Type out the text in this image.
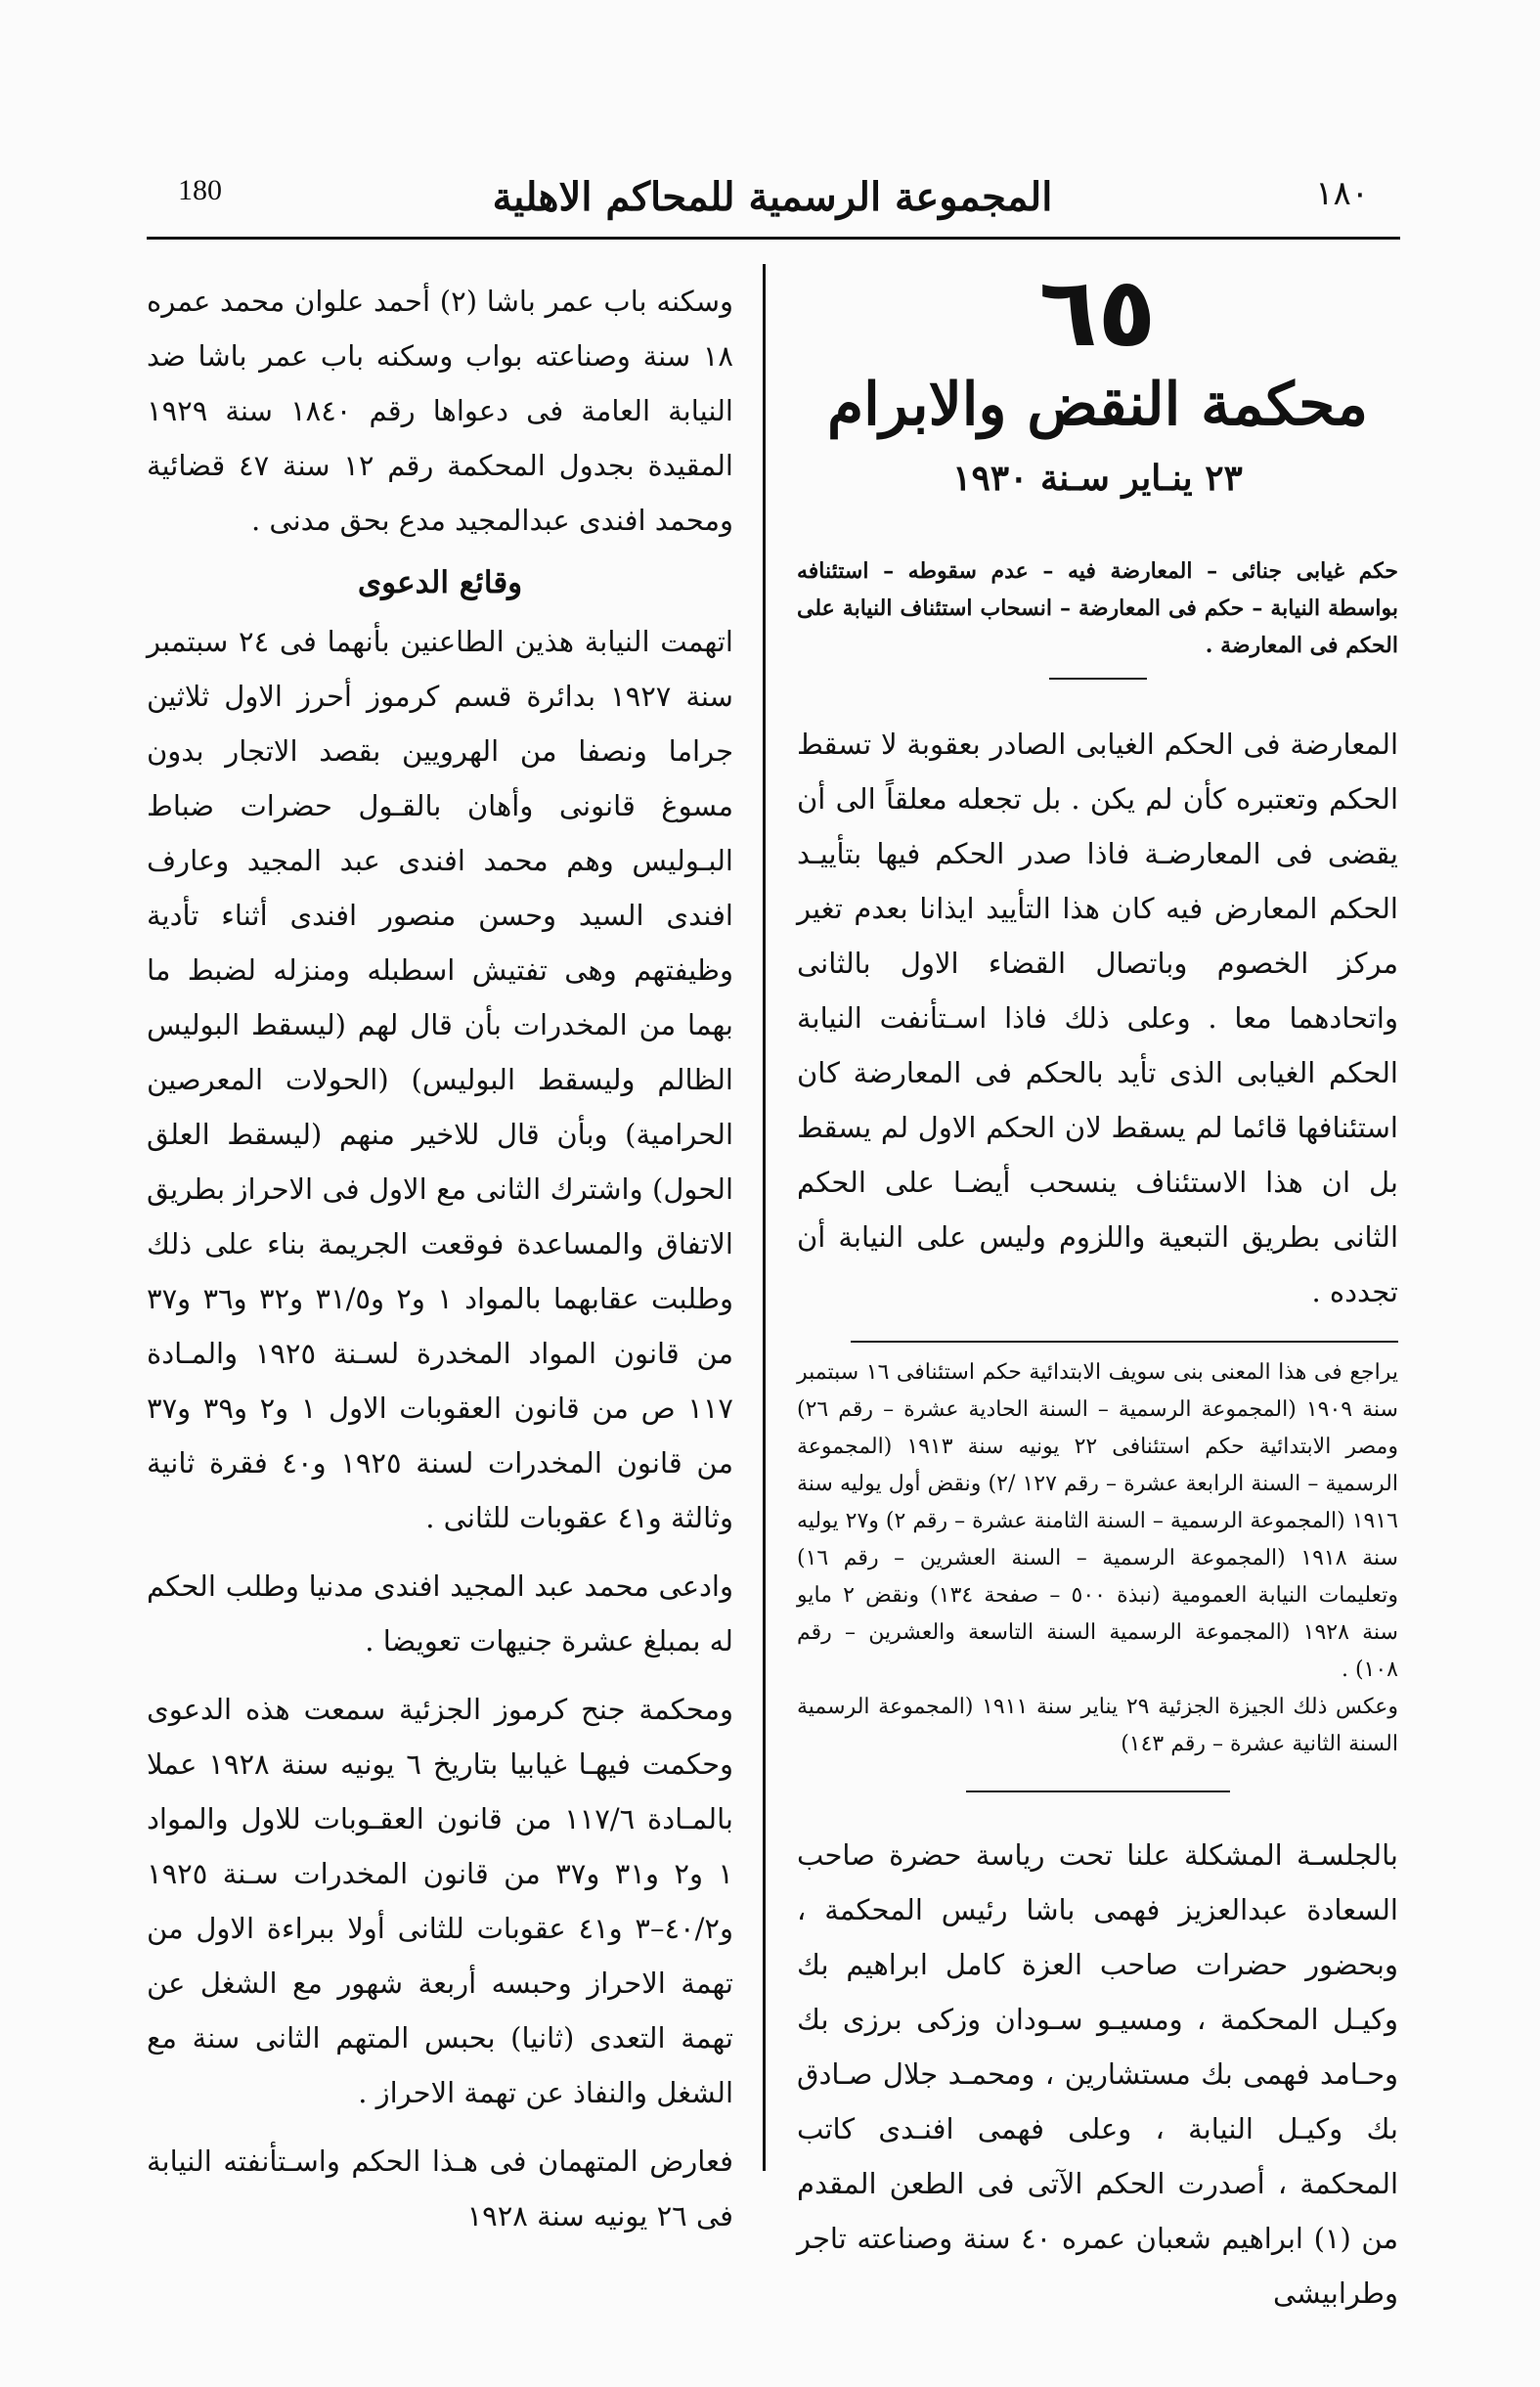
180	المجموعة الرسمية للمحاكم الاهلية	١٨٠
٦٥
محكمة النقض والابرام
٢٣ ينـاير سـنة ١٩٣٠

حكم غيابى جنائى – المعارضة فيه – عدم سقوطه – استئنافه بواسطة النيابة – حكم فى المعارضة – انسحاب استئناف النيابة على الحكم فى المعارضة .

المعارضة فى الحكم الغيابى الصادر بعقوبة لا تسقط الحكم وتعتبره كأن لم يكن . بل تجعله معلقاً الى أن يقضى فى المعارضـة فاذا صدر الحكم فيها بتأييـد الحكم المعارض فيه كان هذا التأييد ايذانا بعدم تغير مركز الخصوم وباتصال القضاء الاول بالثانى واتحادهما معا . وعلى ذلك فاذا اسـتأنفت النيابة الحكم الغيابى الذى تأيد بالحكم فى المعارضة كان استئنافها قائما لم يسقط لان الحكم الاول لم يسقط بل ان هذا الاستئناف ينسحب أيضـا على الحكم الثانى بطريق التبعية واللزوم وليس على النيابة أن تجدده .

يراجع فى هذا المعنى بنى سويف الابتدائية حكم استئنافى ١٦ سبتمبر سنة ١٩٠٩ (المجموعة الرسمية – السنة الحادية عشرة – رقم ٢٦) ومصر الابتدائية حكم استئنافى ٢٢ يونيه سنة ١٩١٣ (المجموعة الرسمية – السنة الرابعة عشرة – رقم ١٢٧ /٢) ونقض أول يوليه سنة ١٩١٦ (المجموعة الرسمية – السنة الثامنة عشرة – رقم ٢) و٢٧ يوليه سنة ١٩١٨ (المجموعة الرسمية – السنة العشرين – رقم ١٦) وتعليمات النيابة العمومية (نبذة ٥٠٠ – صفحة ١٣٤) ونقض ٢ مايو سنة ١٩٢٨ (المجموعة الرسمية السنة التاسعة والعشرين – رقم ١٠٨) .

وعكس ذلك الجيزة الجزئية ٢٩ يناير سنة ١٩١١ (المجموعة الرسمية السنة الثانية عشرة – رقم ١٤٣)

بالجلسـة المشكلة علنا تحت رياسة حضرة صاحب السعادة عبدالعزيز فهمى باشا رئيس المحكمة ، وبحضور حضرات صاحب العزة كامل ابراهيم بك وكيـل المحكمة ، ومسيـو سـودان وزكى برزى بك وحـامد فهمى بك مستشارين ، ومحمـد جلال صـادق بك وكيـل النيابة ، وعلى فهمى افنـدى كاتب المحكمة ، أصدرت الحكم الآتى فى الطعن المقدم من (١) ابراهيم شعبان عمره ٤٠ سنة وصناعته تاجر وطرابيشى

وسكنه باب عمر باشا (٢) أحمد علوان محمد عمره ١٨ سنة وصناعته بواب وسكنه باب عمر باشا ضد النيابة العامة فى دعواها رقم ١٨٤٠ سنة ١٩٢٩ المقيدة بجدول المحكمة رقم ١٢ سنة ٤٧ قضائية ومحمد افندى عبدالمجيد مدع بحق مدنى .

وقائع الدعوى

اتهمت النيابة هذين الطاعنين بأنهما فى ٢٤ سبتمبر سنة ١٩٢٧ بدائرة قسم كرموز أحرز الاول ثلاثين جراما ونصفا من الهرويين بقصد الاتجار بدون مسوغ قانونى وأهان بالقـول حضرات ضباط البـوليس وهم محمد افندى عبد المجيد وعارف افندى السيد وحسن منصور افندى أثناء تأدية وظيفتهم وهى تفتيش اسطبله ومنزله لضبط ما بهما من المخدرات بأن قال لهم (ليسقط البوليس الظالم وليسقط البوليس) (الحولات المعرصين الحرامية) وبأن قال للاخير منهم (ليسقط العلق الحول) واشترك الثانى مع الاول فى الاحراز بطريق الاتفاق والمساعدة فوقعت الجريمة بناء على ذلك وطلبت عقابهما بالمواد ١ و٢ و٣١/٥ و٣٢ و٣٦ و٣٧ من قانون المواد المخدرة لسـنة ١٩٢٥ والمـادة ١١٧ ص من قانون العقوبات الاول ١ و٢ و٣٩ و٣٧ من قانون المخدرات لسنة ١٩٢٥ و٤٠ فقرة ثانية وثالثة و٤١ عقوبات للثانى .

وادعى محمد عبد المجيد افندى مدنيا وطلب الحكم له بمبلغ عشرة جنيهات تعويضا .

ومحكمة جنح كرموز الجزئية سمعت هذه الدعوى وحكمت فيهـا غيابيا بتاريخ ٦ يونيه سنة ١٩٢٨ عملا بالمـادة ١١٧/٦ من قانون العقـوبات للاول والمواد ١ و٢ و٣١ و٣٧ من قانون المخدرات سـنة ١٩٢٥ و٤٠/٢–٣ و٤١ عقوبات للثانى أولا ببراءة الاول من تهمة الاحراز وحبسه أربعة شهور مع الشغل عن تهمة التعدى (ثانيا) بحبس المتهم الثانى سنة مع الشغل والنفاذ عن تهمة الاحراز .

فعارض المتهمان فى هـذا الحكم واسـتأنفته النيابة فى ٢٦ يونيه سنة ١٩٢٨
